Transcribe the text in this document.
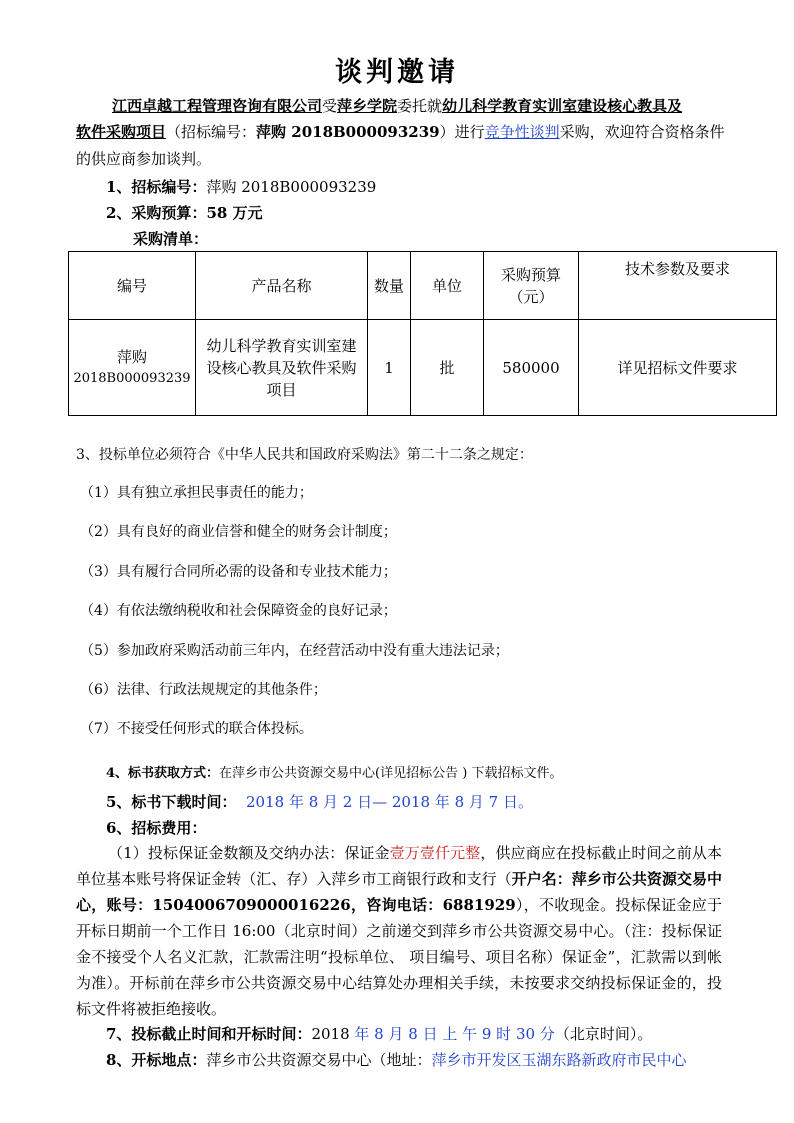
谈判邀请
江西卓越工程管理咨询有限公司受萍乡学院委托就幼儿科学教育实训室建设核心教具及
软件采购项目（招标编号：萍购 2018B000093239）进行竞争性谈判采购，欢迎符合资格条件
的供应商参加谈判。
1、招标编号：萍购 2018B000093239
2、采购预算：58 万元
采购清单：
编号	产品名称	数量	单位	采购预算（元）	技术参数及要求

萍购
2018B000093239	幼儿科学教育实训室建设核心教具及软件采购项目	1	批	580000	详见招标文件要求
3、投标单位必须符合《中华人民共和国政府采购法》第二十二条之规定：
（1）具有独立承担民事责任的能力；
（2）具有良好的商业信誉和健全的财务会计制度；
（3）具有履行合同所必需的设备和专业技术能力；
（4）有依法缴纳税收和社会保障资金的良好记录；
（5）参加政府采购活动前三年内，在经营活动中没有重大违法记录；
（6）法律、行政法规规定的其他条件；
（7）不接受任何形式的联合体投标。
4、标书获取方式：在萍乡市公共资源交易中心(详见招标公告 ) 下载招标文件。
5、标书下载时间： 2018 年 8 月 2 日— 2018 年 8 月 7 日。
6、招标费用：
（1）投标保证金数额及交纳办法：保证金壹万壹仟元整，供应商应在投标截止时间之前从本单位基本账号将保证金转（汇、存）入萍乡市工商银行政和支行（开户名：萍乡市公共资源交易中心，账号：1504006709000016226，咨询电话：6881929），不收现金。投标保证金应于开标日期前一个工作日 16:00（北京时间）之前递交到萍乡市公共资源交易中心。（注：投标保证金不接受个人名义汇款，汇款需注明“投标单位、 项目编号、项目名称）保证金”，汇款需以到帐为准）。开标前在萍乡市公共资源交易中心结算处办理相关手续，未按要求交纳投标保证金的，投标文件将被拒绝接收。
7、投标截止时间和开标时间：2018 年 8 月 8 日 上 午 9 时 30 分（北京时间）。
8、开标地点：萍乡市公共资源交易中心（地址：萍乡市开发区玉湖东路新政府市民中心
